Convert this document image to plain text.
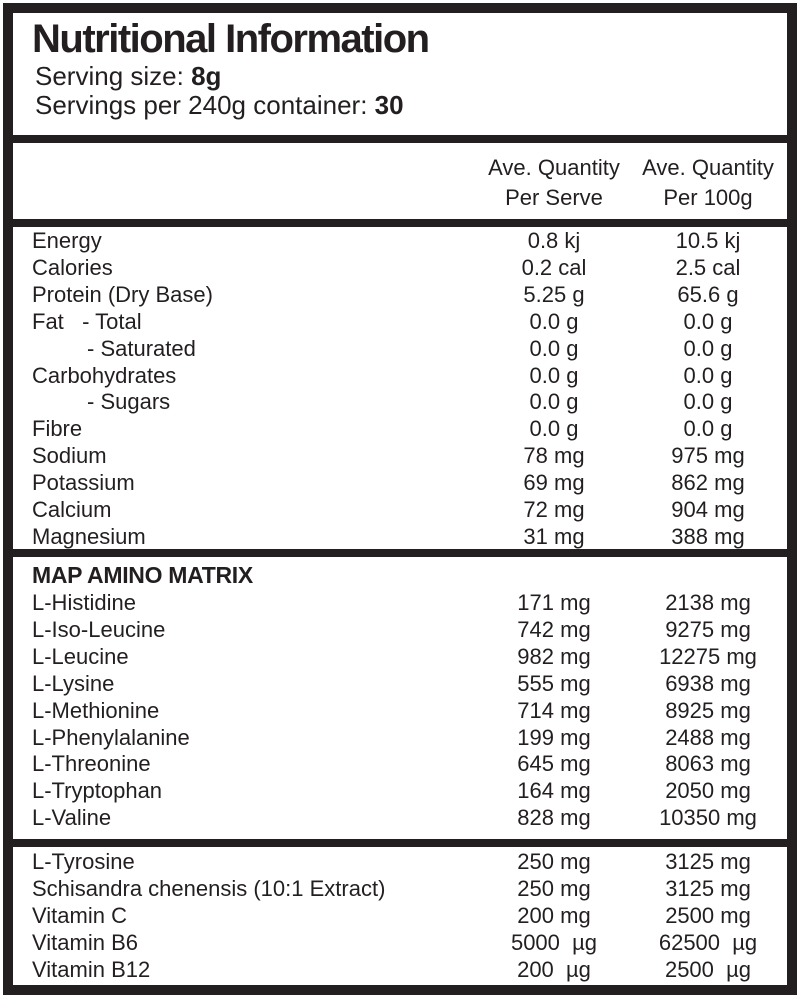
Nutritional Information
Serving size: 8g
Servings per 240g container: 30
Ave. Quantity
Per Serve
Ave. Quantity
Per 100g
Energy	0.8 kj	10.5 kj
Calories	0.2 cal	2.5 cal
Protein (Dry Base)	5.25 g	65.6 g
Fat   - Total	0.0 g	0.0 g
- Saturated	0.0 g	0.0 g
Carbohydrates	0.0 g	0.0 g
- Sugars	0.0 g	0.0 g
Fibre	0.0 g	0.0 g
Sodium	78 mg	975 mg
Potassium	69 mg	862 mg
Calcium	72 mg	904 mg
Magnesium	31 mg	388 mg
MAP AMINO MATRIX
L-Histidine	171 mg	2138 mg
L-Iso-Leucine	742 mg	9275 mg
L-Leucine	982 mg	12275 mg
L-Lysine	555 mg	6938 mg
L-Methionine	714 mg	8925 mg
L-Phenylalanine	199 mg	2488 mg
L-Threonine	645 mg	8063 mg
L-Tryptophan	164 mg	2050 mg
L-Valine	828 mg	10350 mg
L-Tyrosine	250 mg	3125 mg
Schisandra chenensis (10:1 Extract)	250 mg	3125 mg
Vitamin C	200 mg	2500 mg
Vitamin B6	5000  µg	62500  µg
Vitamin B12	200  µg	2500  µg
